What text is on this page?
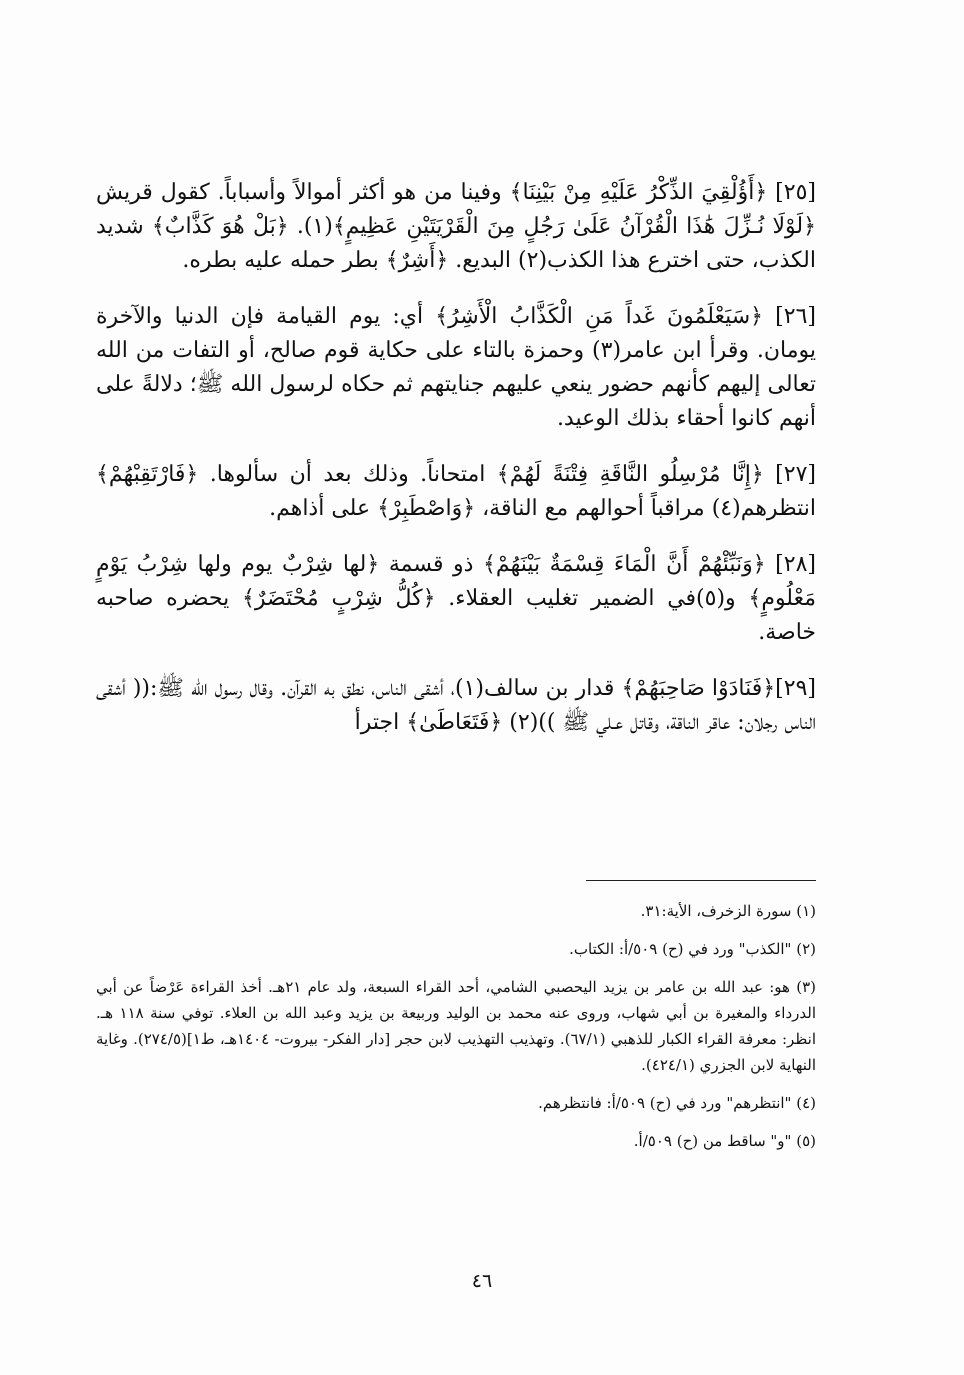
[٢٥] ﴿أَؤُلْقِيَ الذِّكْرُ عَلَيْهِ مِنْ بَيْنِنَا﴾ وفينا من هو أكثر أموالاً وأسباباً. كقول قريش ﴿لَوْلَا نُـزِّلَ هَٰذَا الْقُرْآنُ عَلَىٰ رَجُلٍ مِنَ الْقَرْيَتَيْنِ عَظِيمٍ﴾(١). ﴿بَلْ هُوَ كَذَّابٌ﴾ شديد الكذب، حتى اخترع هذا الكذب(٢) البديع. ﴿أَشِرٌ﴾ بطر حمله عليه بطره.

[٢٦] ﴿سَيَعْلَمُونَ غَداً مَنِ الْكَذَّابُ الْأَشِرُ﴾ أي: يوم القيامة فإن الدنيا والآخرة يومان. وقرأ ابن عامر(٣) وحمزة بالتاء على حكاية قوم صالح، أو التفات من الله تعالى إليهم كأنهم حضور ينعي عليهم جنايتهم ثم حكاه لرسول الله ﷺ؛ دلالةً على أنهم كانوا أحقاء بذلك الوعيد.

[٢٧] ﴿إِنَّا مُرْسِلُو النَّاقَةِ فِتْنَةً لَهُمْ﴾ امتحاناً. وذلك بعد أن سألوها. ﴿فَارْتَقِبْهُمْ﴾ انتظرهم(٤) مراقباً أحوالهم مع الناقة، ﴿وَاصْطَبِرْ﴾ على أذاهم.

[٢٨] ﴿وَنَبِّئْهُمْ أَنَّ الْمَاءَ قِسْمَةٌ بَيْنَهُمْ﴾ ذو قسمة ﴿لها شِرْبٌ يوم ولها شِرْبُ يَوْمٍ مَعْلُومٍ﴾ و(٥)في الضمير تغليب العقلاء. ﴿كُلُّ شِرْبٍ مُحْتَضَرٌ﴾ يحضره صاحبه خاصة.

[٢٩]﴿فَنَادَوْا صَاحِبَهُمْ﴾ قدار بن سالف(١)، أشقى الناس، نطق به القرآن. وقال رسول الله ﷺ:(( أشقى الناس رجلان: عاقر الناقة، وقاتل عـلي ﷺ ))(٢) ﴿فَتَعَاطَىٰ﴾ اجترأ

(١) سورة الزخرف، الأية:٣١.

(٢) "الكذب" ورد في (ح) ٥٠٩/أ: الكتاب.

(٣) هو: عبد الله بن عامر بن يزيد اليحصبي الشامي، أحد القراء السبعة، ولد عام ٢١هـ. أخذ القراءة عَرْضاً عن أبي الدرداء والمغيرة بن أبي شهاب، وروى عنه محمد بن الوليد وربيعة بن يزيد وعبد الله بن العلاء. توفي سنة ١١٨ هـ. انظر: معرفة القراء الكبار للذهبي (٦٧/١). وتهذيب التهذيب لابن حجر [دار الفكر- بيروت- ١٤٠٤هـ، ط١](٢٧٤/٥). وغاية النهاية لابن الجزري (٤٢٤/١).

(٤) "انتظرهم" ورد في (ح) ٥٠٩/أ: فانتظرهم.

(٥) "و" ساقط من (ح) ٥٠٩/أ.

٤٦
